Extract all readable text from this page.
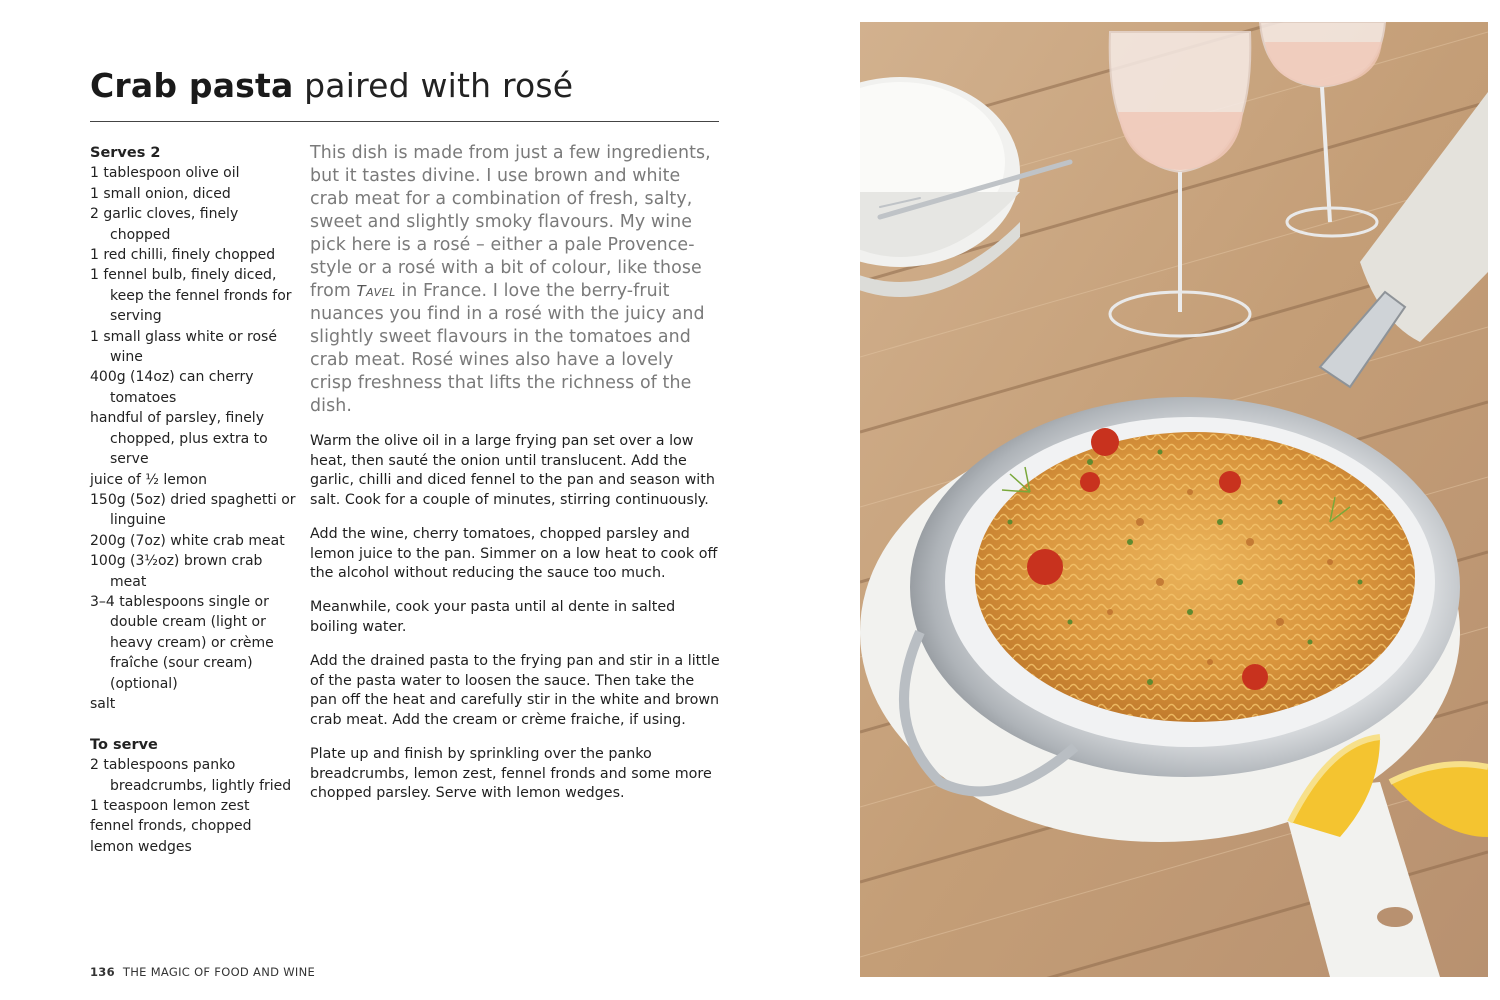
Crab pasta paired with rosé

Serves 2

1 tablespoon olive oil
1 small onion, diced
2 garlic cloves, finely chopped
1 red chilli, finely chopped
1 fennel bulb, finely diced, keep the fennel fronds for serving
1 small glass white or rosé wine
400g (14oz) can cherry tomatoes
handful of parsley, finely chopped, plus extra to serve
juice of ½ lemon
150g (5oz) dried spaghetti or linguine
200g (7oz) white crab meat
100g (3½oz) brown crab meat
3–4 tablespoons single or double cream (light or heavy cream) or crème fraîche (sour cream) (optional)
salt

To serve

2 tablespoons panko breadcrumbs, lightly fried
1 teaspoon lemon zest
fennel fronds, chopped
lemon wedges

This dish is made from just a few ingredients, but it tastes divine. I use brown and white crab meat for a combination of fresh, salty, sweet and slightly smoky flavours. My wine pick here is a rosé – either a pale Provence-style or a rosé with a bit of colour, like those from Tavel in France. I love the berry-fruit nuances you find in a rosé with the juicy and slightly sweet flavours in the tomatoes and crab meat. Rosé wines also have a lovely crisp freshness that lifts the richness of the dish.

Warm the olive oil in a large frying pan set over a low heat, then sauté the onion until translucent. Add the garlic, chilli and diced fennel to the pan and season with salt. Cook for a couple of minutes, stirring continuously.

Add the wine, cherry tomatoes, chopped parsley and lemon juice to the pan. Simmer on a low heat to cook off the alcohol without reducing the sauce too much.

Meanwhile, cook your pasta until al dente in salted boiling water.

Add the drained pasta to the frying pan and stir in a little of the pasta water to loosen the sauce. Then take the pan off the heat and carefully stir in the white and brown crab meat. Add the cream or crème fraiche, if using.

Plate up and finish by sprinkling over the panko breadcrumbs, lemon zest, fennel fronds and some more chopped parsley. Serve with lemon wedges.

136 THE MAGIC OF FOOD AND WINE
